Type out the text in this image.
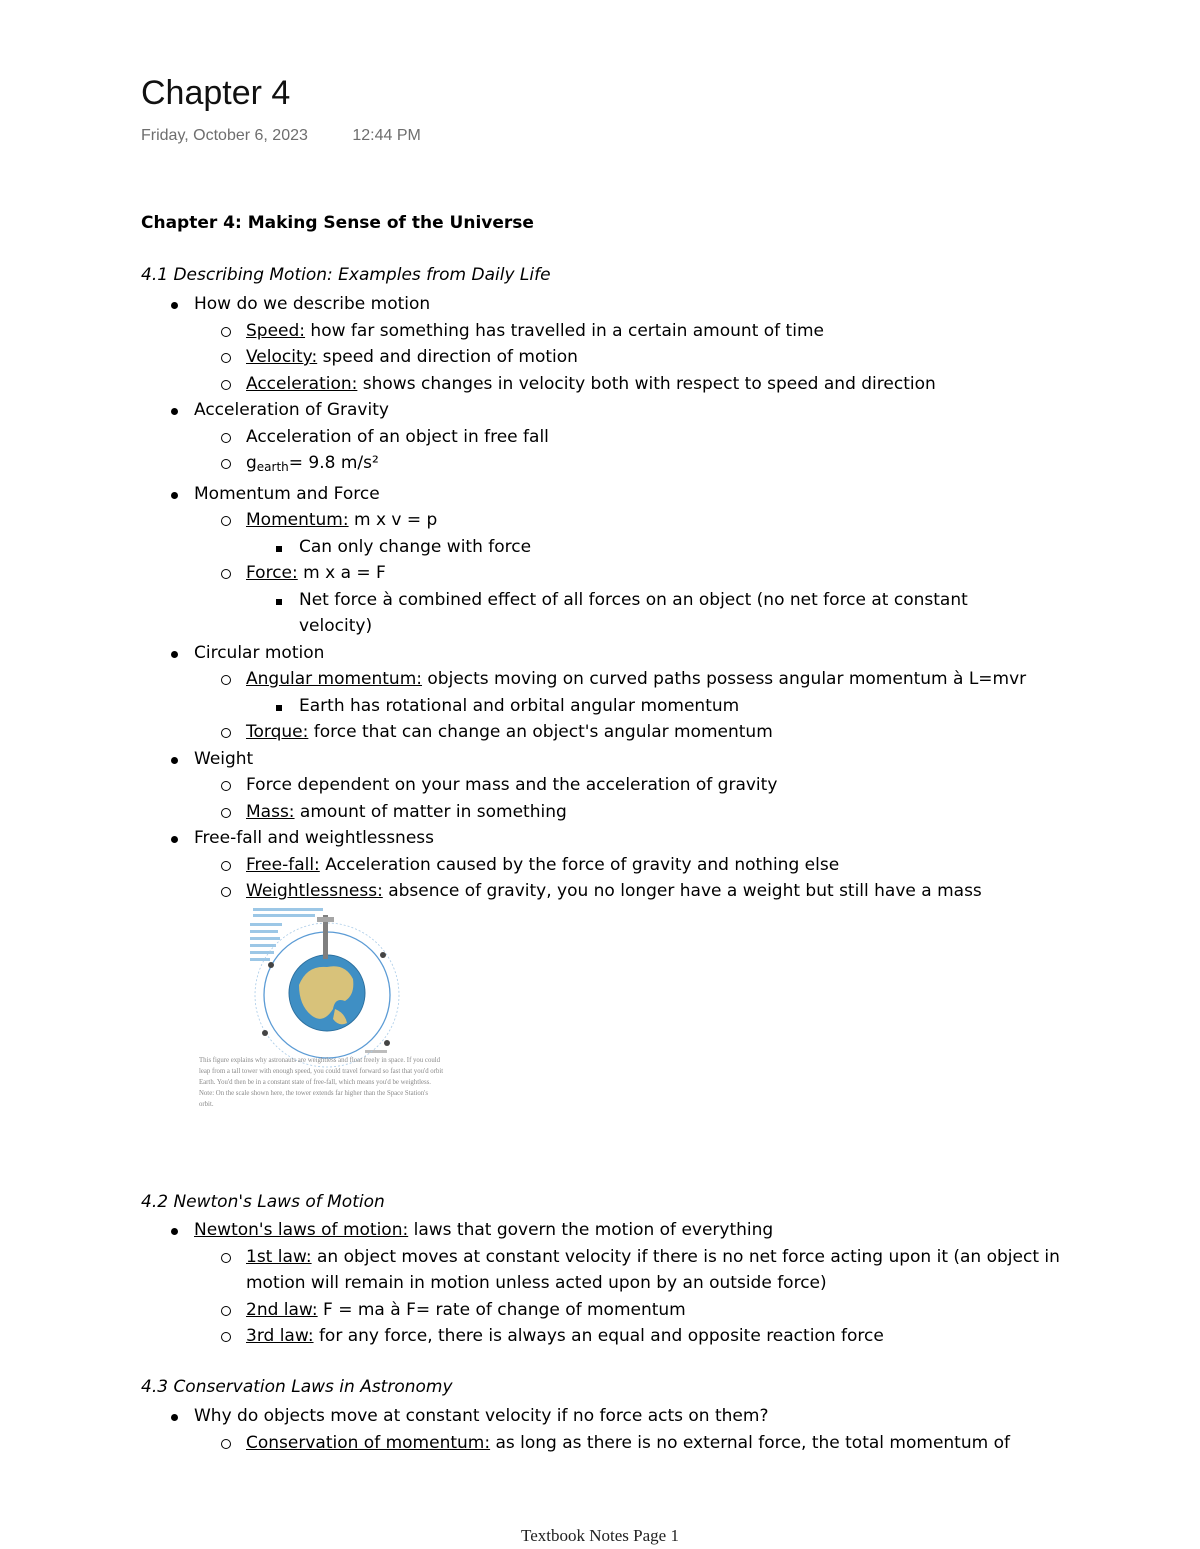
Chapter 4
Friday, October 6, 2023	12:44 PM
Chapter 4: Making Sense of the Universe
4.1 Describing Motion: Examples from Daily Life
How do we describe motion
Speed: how far something has travelled in a certain amount of time
Velocity: speed and direction of motion
Acceleration: shows changes in velocity both with respect to speed and direction
Acceleration of Gravity
Acceleration of an object in free fall
$g_{earth}= 9.8$ m/s²
Momentum and Force
Momentum: m x v = p
Can only change with force
Force: m x a = F
Net force à combined effect of all forces on an object (no net force at constant velocity)
Circular motion
Angular momentum: objects moving on curved paths possess angular momentum à L=mvr
Earth has rotational and orbital angular momentum
Torque: force that can change an object's angular momentum
Weight
Force dependent on your mass and the acceleration of gravity
Mass: amount of matter in something
Free-fall and weightlessness
Free-fall: Acceleration caused by the force of gravity and nothing else
Weightlessness: absence of gravity, you no longer have a weight but still have a mass
This figure explains why astronauts are weightless and float freely in space. If you could leap from a tall tower with enough speed, you could travel forward so fast that you'd orbit Earth. You'd then be in a constant state of free-fall, which means you'd be weightless. Note: On the scale shown here, the tower extends far higher than the Space Station's orbit.
4.2 Newton's Laws of Motion
Newton's laws of motion: laws that govern the motion of everything
1st law: an object moves at constant velocity if there is no net force acting upon it (an object in motion will remain in motion unless acted upon by an outside force)
2nd law: F = ma à F= rate of change of momentum
3rd law: for any force, there is always an equal and opposite reaction force
4.3 Conservation Laws in Astronomy
Why do objects move at constant velocity if no force acts on them?
Conservation of momentum: as long as there is no external force, the total momentum of
Textbook Notes Page 1
